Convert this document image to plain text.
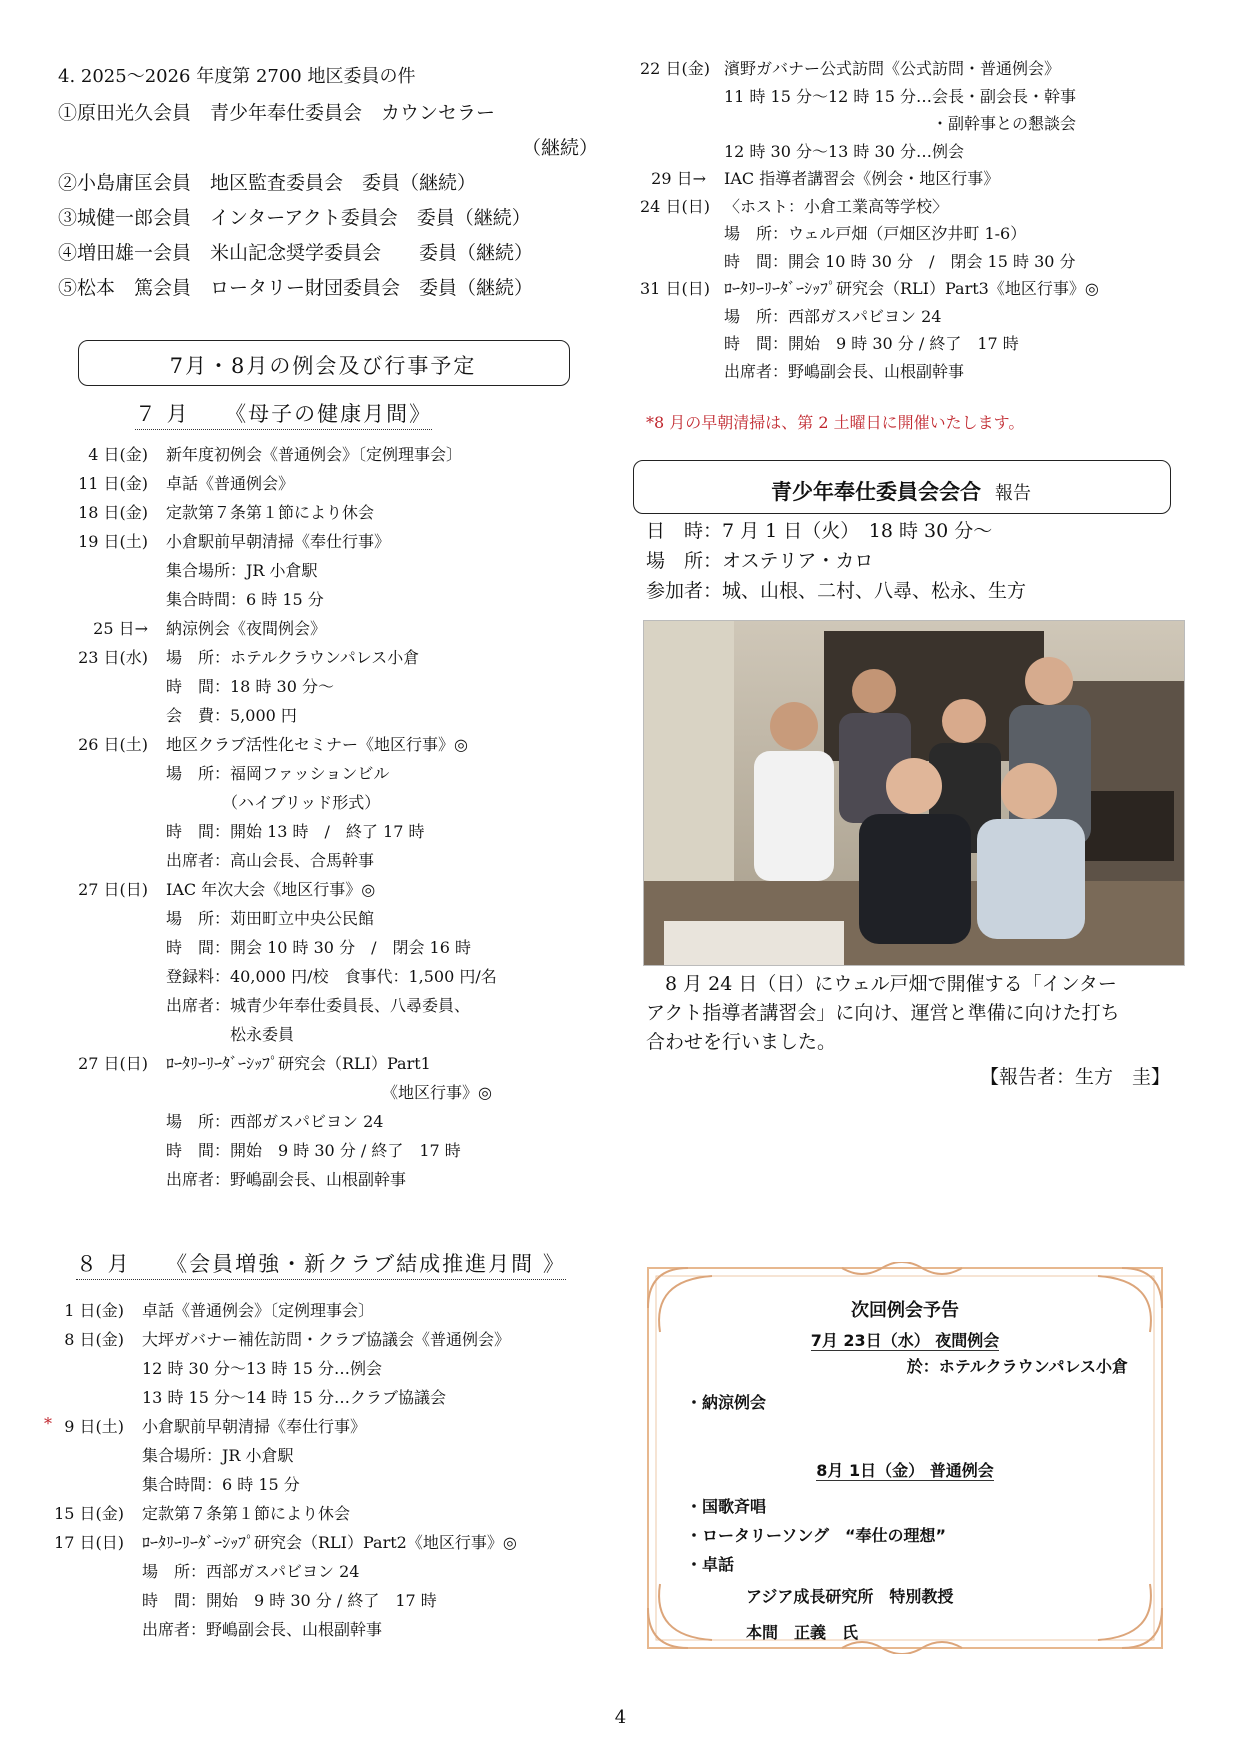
4. 2025～2026 年度第 2700 地区委員の件
①原田光久会員　青少年奉仕委員会　カウンセラー
（継続）
②小島庸匡会員　地区監査委員会　委員（継続）
③城健一郎会員　インターアクト委員会　委員（継続）
④増田雄一会員　米山記念奨学委員会　　委員（継続）
⑤松本　篤会員　ロータリー財団委員会　委員（継続）
7月・8月の例会及び行事予定
７ 月　　《母子の健康月間》
4 日(金) 新年度初例会《普通例会》〔定例理事会〕
11 日(金) 卓話《普通例会》
18 日(金) 定款第７条第１節により休会
19 日(土) 小倉駅前早朝清掃《奉仕行事》
集合場所：JR 小倉駅
集合時間：6 時 15 分
25 日→ 納涼例会《夜間例会》
23 日(水) 場　所：ホテルクラウンパレス小倉
時　間：18 時 30 分～
会　費：5,000 円
26 日(土) 地区クラブ活性化セミナー《地区行事》◎
場　所：福岡ファッションビル
　　　　（ハイブリッド形式）
時　間：開始 13 時　/　終了 17 時
出席者：高山会長、合馬幹事
27 日(日) IAC 年次大会《地区行事》◎
場　所：苅田町立中央公民館
時　間：開会 10 時 30 分　/　閉会 16 時
登録料：40,000 円/校　食事代：1,500 円/名
出席者：城青少年奉仕委員長、八尋委員、
　　　　松永委員
27 日(日) ﾛｰﾀﾘｰﾘｰﾀﾞｰｼｯﾌﾟ研究会（RLI）Part1
　　　　　　　　　　　　　　《地区行事》◎
場　所：西部ガスパビヨン 24
時　間：開始　9 時 30 分 / 終了　17 時
出席者：野嶋副会長、山根副幹事
８ 月　　《会員増強・新クラブ結成推進月間 》
1 日(金) 卓話《普通例会》〔定例理事会〕
8 日(金) 大坪ガバナー補佐訪問・クラブ協議会《普通例会》
12 時 30 分～13 時 15 分…例会
13 時 15 分～14 時 15 分…クラブ協議会
* 9 日(土) 小倉駅前早朝清掃《奉仕行事》
集合場所：JR 小倉駅
集合時間：6 時 15 分
15 日(金) 定款第７条第１節により休会
17 日(日) ﾛｰﾀﾘｰﾘｰﾀﾞｰｼｯﾌﾟ研究会（RLI）Part2《地区行事》◎
場　所：西部ガスパビヨン 24
時　間：開始　9 時 30 分 / 終了　17 時
出席者：野嶋副会長、山根副幹事
22 日(金) 濱野ガバナー公式訪問《公式訪問・普通例会》
11 時 15 分～12 時 15 分…会長・副会長・幹事
　　　　　　　　　　　　　・副幹事との懇談会
12 時 30 分～13 時 30 分…例会
29 日→ IAC 指導者講習会《例会・地区行事》
24 日(日) 〈ホスト：小倉工業高等学校〉
場　所：ウェル戸畑（戸畑区汐井町 1-6）
時　間：開会 10 時 30 分　/　閉会 15 時 30 分
31 日(日) ﾛｰﾀﾘｰﾘｰﾀﾞｰｼｯﾌﾟ研究会（RLI）Part3《地区行事》◎
場　所：西部ガスパビヨン 24
時　間：開始　9 時 30 分 / 終了　17 時
出席者：野嶋副会長、山根副幹事
*8 月の早朝清掃は、第 2 土曜日に開催いたします。
青少年奉仕委員会会合 報告
日　時：7 月 1 日（火）　18 時 30 分～
場　所：オステリア・カロ
参加者：城、山根、二村、八尋、松永、生方
　8 月 24 日（日）にウェル戸畑で開催する「インター
アクト指導者講習会」に向け、運営と準備に向けた打ち
合わせを行いました。
【報告者：生方　圭】
次回例会予告
7月 23日（水） 夜間例会
於：ホテルクラウンパレス小倉
・納涼例会
8月 1日（金） 普通例会
・国歌斉唱
・ロータリーソング　“奉仕の理想”
・卓話
アジア成長研究所　特別教授
本間　正義　氏
4
